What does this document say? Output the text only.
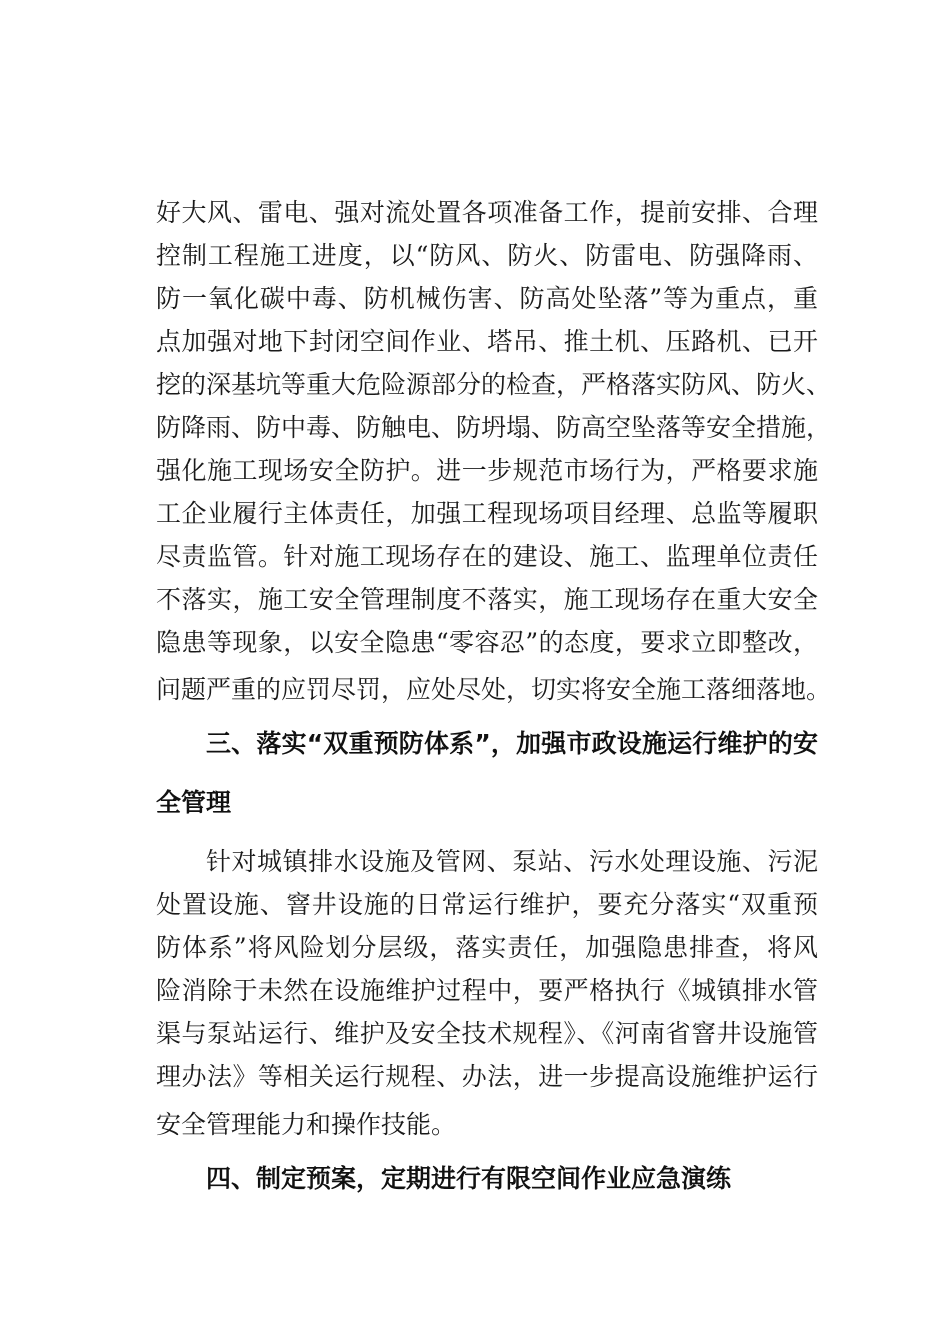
好大风、雷电、强对流处置各项准备工作，提前安排、合理
控制工程施工进度，以“防风、防火、防雷电、防强降雨、
防一氧化碳中毒、防机械伤害、防高处坠落”等为重点，重
点加强对地下封闭空间作业、塔吊、推土机、压路机、已开
挖的深基坑等重大危险源部分的检查，严格落实防风、防火、
防降雨、防中毒、防触电、防坍塌、防高空坠落等安全措施，
强化施工现场安全防护。进一步规范市场行为，严格要求施
工企业履行主体责任，加强工程现场项目经理、总监等履职
尽责监管。针对施工现场存在的建设、施工、监理单位责任
不落实，施工安全管理制度不落实，施工现场存在重大安全
隐患等现象，以安全隐患“零容忍”的态度，要求立即整改，
问题严重的应罚尽罚，应处尽处，切实将安全施工落细落地。
三、落实“双重预防体系”，加强市政设施运行维护的安
全管理
针对城镇排水设施及管网、泵站、污水处理设施、污泥
处置设施、窨井设施的日常运行维护，要充分落实“双重预
防体系”将风险划分层级，落实责任，加强隐患排查，将风
险消除于未然在设施维护过程中，要严格执行《城镇排水管
渠与泵站运行、维护及安全技术规程》、《河南省窨井设施管
理办法》等相关运行规程、办法，进一步提高设施维护运行
安全管理能力和操作技能。
四、制定预案，定期进行有限空间作业应急演练
